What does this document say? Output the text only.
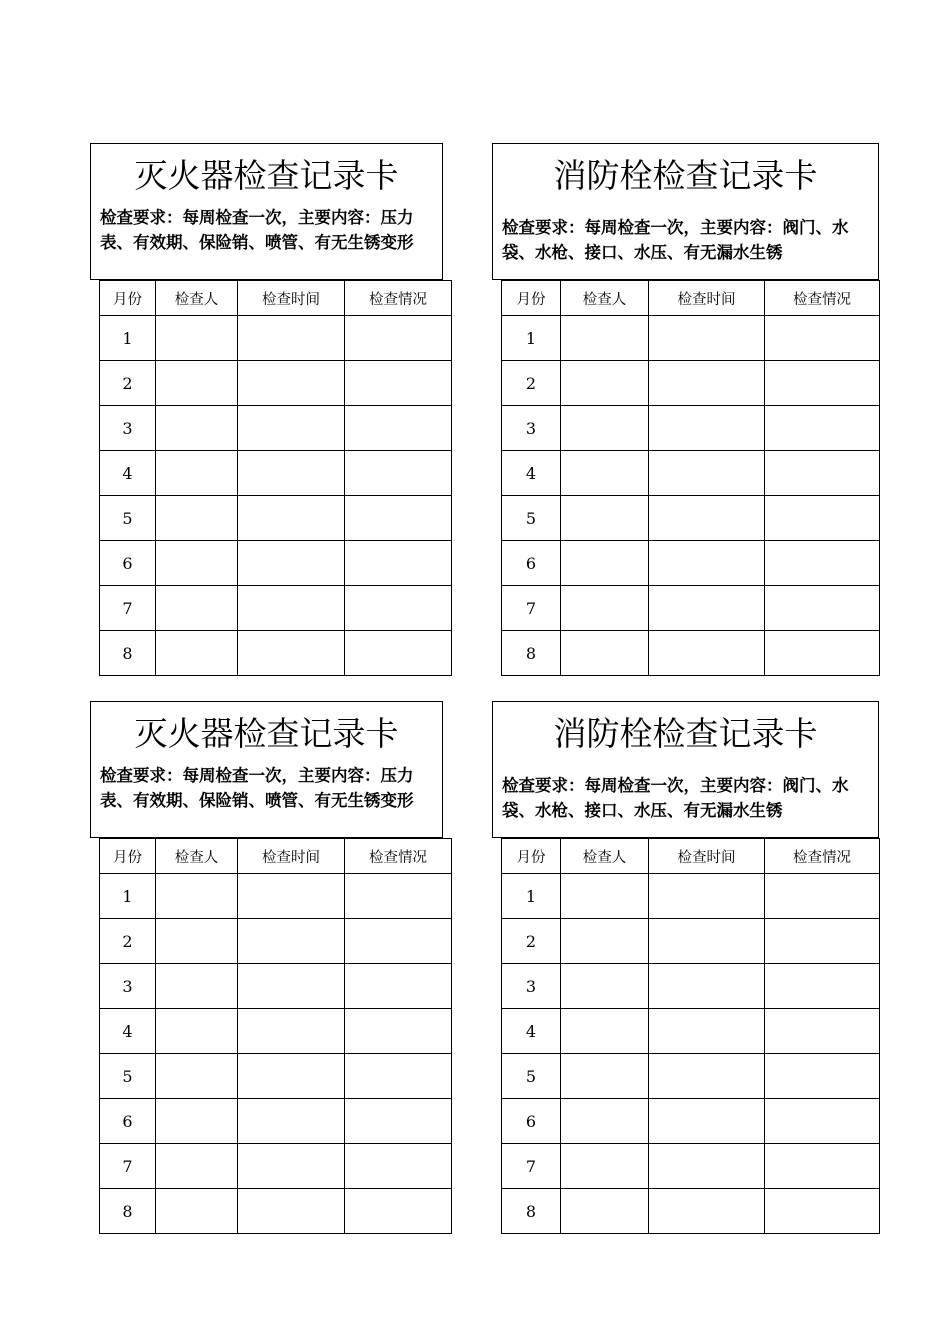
灭火器检查记录卡
检查要求：每周检查一次，主要内容：压力表、有效期、保险销、喷管、有无生锈变形
月份	检查人	检查时间	检查情况
1			
2			
3			
4			
5			
6			
7			
8			
消防栓检查记录卡
检查要求：每周检查一次，主要内容：阀门、水袋、水枪、接口、水压、有无漏水生锈
月份	检查人	检查时间	检查情况
1			
2			
3			
4			
5			
6			
7			
8			
灭火器检查记录卡
检查要求：每周检查一次，主要内容：压力表、有效期、保险销、喷管、有无生锈变形
月份	检查人	检查时间	检查情况
1			
2			
3			
4			
5			
6			
7			
8			
消防栓检查记录卡
检查要求：每周检查一次，主要内容：阀门、水袋、水枪、接口、水压、有无漏水生锈
月份	检查人	检查时间	检查情况
1			
2			
3			
4			
5			
6			
7			
8			
